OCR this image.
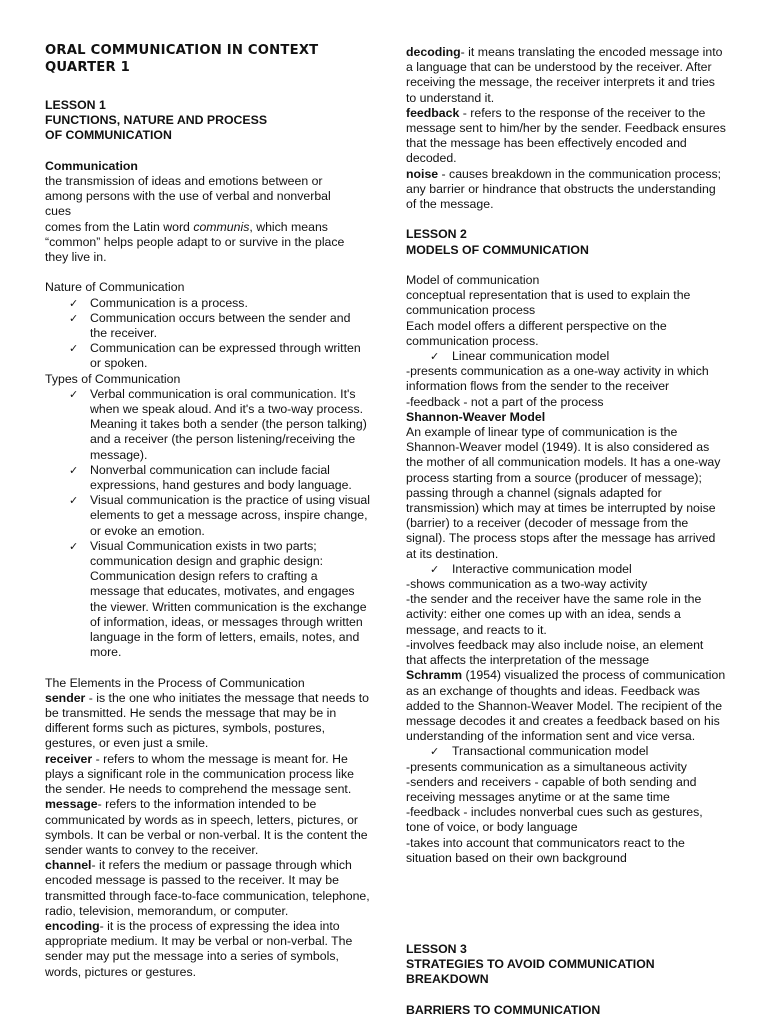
ORAL COMMUNICATION IN CONTEXT
QUARTER 1
LESSON 1
FUNCTIONS, NATURE AND PROCESS OF COMMUNICATION
Communication
the transmission of ideas and emotions between or among persons with the use of verbal and nonverbal cues
comes from the Latin word communis, which means “common” helps people adapt to or survive in the place they live in.
Nature of Communication
✓ Communication is a process.
✓ Communication occurs between the sender and the receiver.
✓ Communication can be expressed through written or spoken.
Types of Communication
✓ Verbal communication is oral communication. It's when we speak aloud. And it's a two-way process. Meaning it takes both a sender (the person talking) and a receiver (the person listening/receiving the message).
✓ Nonverbal communication can include facial expressions, hand gestures and body language.
✓ Visual communication is the practice of using visual elements to get a message across, inspire change, or evoke an emotion.
✓ Visual Communication exists in two parts; communication design and graphic design: Communication design refers to crafting a message that educates, motivates, and engages the viewer. Written communication is the exchange of information, ideas, or messages through written language in the form of letters, emails, notes, and more.
The Elements in the Process of Communication
sender - is the one who initiates the message that needs to be transmitted. He sends the message that may be in different forms such as pictures, symbols, postures, gestures, or even just a smile.
receiver - refers to whom the message is meant for. He plays a significant role in the communication process like the sender. He needs to comprehend the message sent.
message- refers to the information intended to be communicated by words as in speech, letters, pictures, or symbols. It can be verbal or non-verbal. It is the content the sender wants to convey to the receiver.
channel- it refers the medium or passage through which encoded message is passed to the receiver. It may be transmitted through face-to-face communication, telephone, radio, television, memorandum, or computer.
encoding- it is the process of expressing the idea into appropriate medium. It may be verbal or non-verbal. The sender may put the message into a series of symbols, words, pictures or gestures.
decoding- it means translating the encoded message into a language that can be understood by the receiver. After receiving the message, the receiver interprets it and tries to understand it.
feedback - refers to the response of the receiver to the message sent to him/her by the sender. Feedback ensures that the message has been effectively encoded and decoded.
noise - causes breakdown in the communication process; any barrier or hindrance that obstructs the understanding of the message.
LESSON 2
MODELS OF COMMUNICATION
Model of communication
conceptual representation that is used to explain the communication process
Each model offers a different perspective on the communication process.
✓ Linear communication model
-presents communication as a one-way activity in which information flows from the sender to the receiver
-feedback - not a part of the process
Shannon-Weaver Model
An example of linear type of communication is the Shannon-Weaver model (1949). It is also considered as the mother of all communication models. It has a one-way process starting from a source (producer of message); passing through a channel (signals adapted for transmission) which may at times be interrupted by noise (barrier) to a receiver (decoder of message from the signal). The process stops after the message has arrived at its destination.
✓ Interactive communication model
-shows communication as a two-way activity
-the sender and the receiver have the same role in the activity: either one comes up with an idea, sends a message, and reacts to it.
-involves feedback may also include noise, an element that affects the interpretation of the message
Schramm (1954) visualized the process of communication as an exchange of thoughts and ideas. Feedback was added to the Shannon-Weaver Model. The recipient of the message decodes it and creates a feedback based on his understanding of the information sent and vice versa.
✓ Transactional communication model
-presents communication as a simultaneous activity
-senders and receivers - capable of both sending and receiving messages anytime or at the same time
-feedback - includes nonverbal cues such as gestures, tone of voice, or body language
-takes into account that communicators react to the situation based on their own background
LESSON 3
STRATEGIES TO AVOID COMMUNICATION BREAKDOWN
BARRIERS TO COMMUNICATION
